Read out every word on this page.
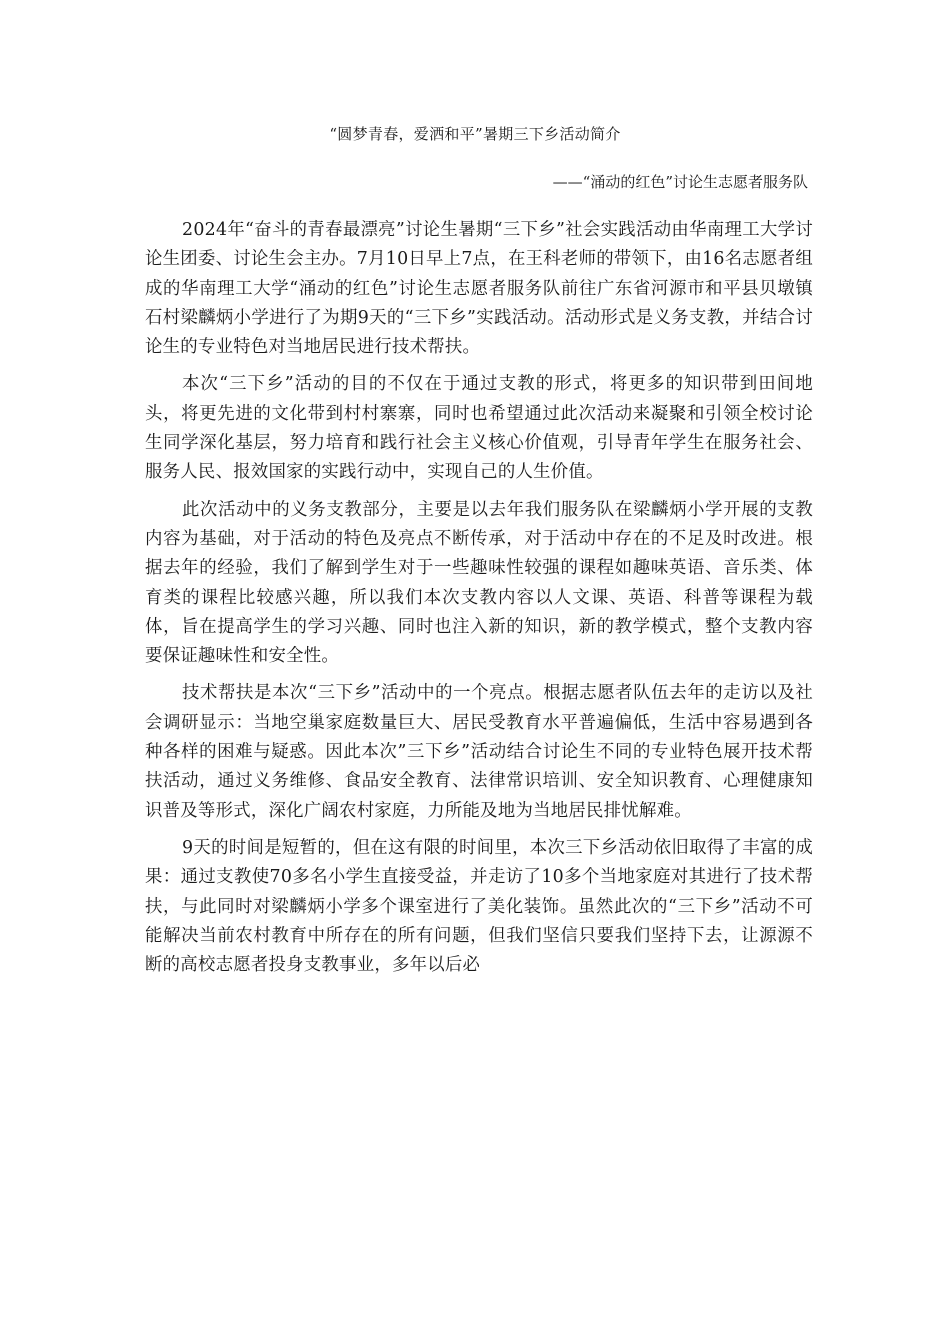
“圆梦青春，爱洒和平”暑期三下乡活动简介
——“涌动的红色”讨论生志愿者服务队

2024年“奋斗的青春最漂亮”讨论生暑期“三下乡”社会实践活动由华南理工大学讨论生团委、讨论生会主办。7月10日早上7点，在王科老师的带领下，由16名志愿者组成的华南理工大学“涌动的红色”讨论生志愿者服务队前往广东省河源市和平县贝墩镇石村梁麟炳小学进行了为期9天的“三下乡”实践活动。活动形式是义务支教，并结合讨论生的专业特色对当地居民进行技术帮扶。

本次“三下乡”活动的目的不仅在于通过支教的形式，将更多的知识带到田间地头，将更先进的文化带到村村寨寨，同时也希望通过此次活动来凝聚和引领全校讨论生同学深化基层，努力培育和践行社会主义核心价值观，引导青年学生在服务社会、服务人民、报效国家的实践行动中，实现自己的人生价值。

此次活动中的义务支教部分，主要是以去年我们服务队在梁麟炳小学开展的支教内容为基础，对于活动的特色及亮点不断传承，对于活动中存在的不足及时改进。根据去年的经验，我们了解到学生对于一些趣味性较强的课程如趣味英语、音乐类、体育类的课程比较感兴趣，所以我们本次支教内容以人文课、英语、科普等课程为载体，旨在提高学生的学习兴趣、同时也注入新的知识，新的教学模式，整个支教内容要保证趣味性和安全性。

技术帮扶是本次“三下乡”活动中的一个亮点。根据志愿者队伍去年的走访以及社会调研显示：当地空巢家庭数量巨大、居民受教育水平普遍偏低，生活中容易遇到各种各样的困难与疑惑。因此本次”三下乡”活动结合讨论生不同的专业特色展开技术帮扶活动，通过义务维修、食品安全教育、法律常识培训、安全知识教育、心理健康知识普及等形式，深化广阔农村家庭，力所能及地为当地居民排忧解难。

9天的时间是短暂的，但在这有限的时间里，本次三下乡活动依旧取得了丰富的成果：通过支教使70多名小学生直接受益，并走访了10多个当地家庭对其进行了技术帮扶，与此同时对梁麟炳小学多个课室进行了美化装饰。虽然此次的“三下乡”活动不可能解决当前农村教育中所存在的所有问题，但我们坚信只要我们坚持下去，让源源不断的高校志愿者投身支教事业，多年以后必
